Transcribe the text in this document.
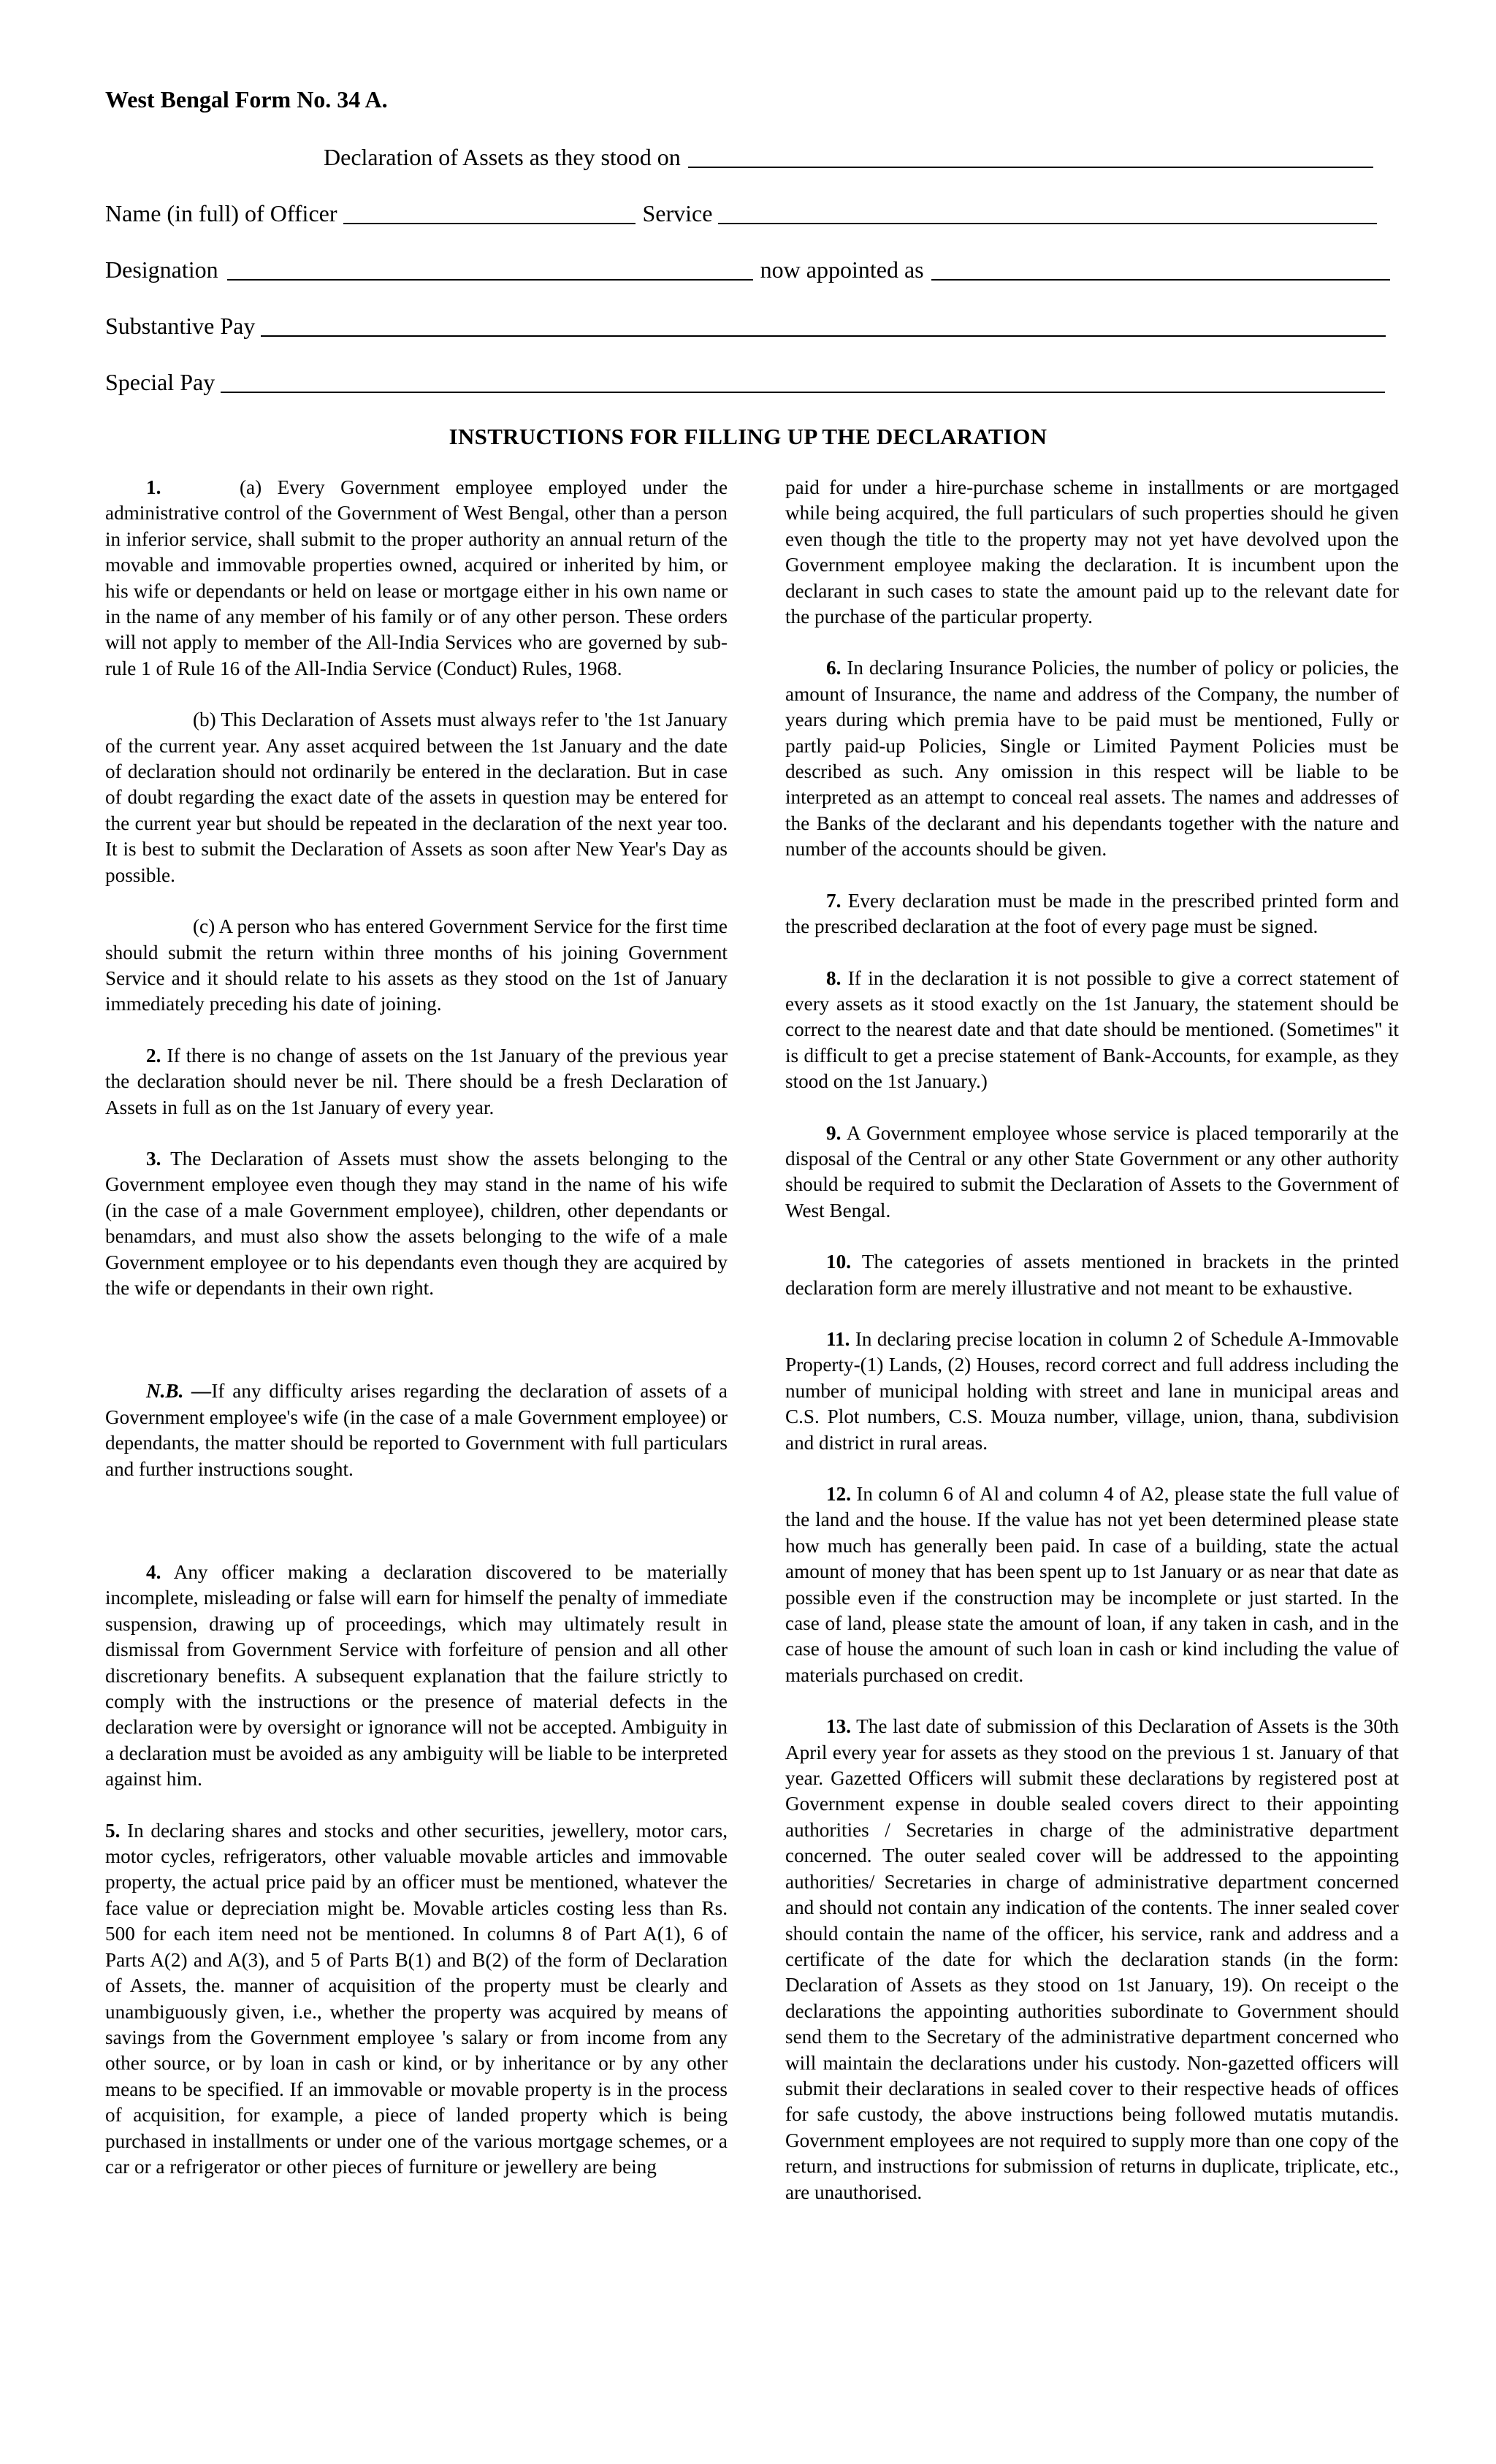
West Bengal Form No. 34 A.
Declaration of Assets as they stood on
Name (in full) of Officer	Service
Designation	now appointed as
Substantive Pay
Special Pay
INSTRUCTIONS FOR FILLING UP THE DECLARATION

1.	(a) Every Government employee employed under the administrative control of the Government of West Bengal, other than a person in inferior service, shall submit to the proper authority an annual return of the movable and immovable properties owned, acquired or inherited by him, or his wife or dependants or held on lease or mortgage either in his own name or in the name of any member of his family or of any other person. These orders will not apply to member of the All-India Services who are governed by sub-rule 1 of Rule 16 of the All-India Service (Conduct) Rules, 1968.

(b) This Declaration of Assets must always refer to 'the 1st January of the current year. Any asset acquired between the 1st January and the date of declaration should not ordinarily be entered in the declaration. But in case of doubt regarding the exact date of the assets in question may be entered for the current year but should be repeated in the declaration of the next year too. It is best to submit the Declaration of Assets as soon after New Year's Day as possible.

(c) A person who has entered Government Service for the first time should submit the return within three months of his joining Government Service and it should relate to his assets as they stood on the 1st of January immediately preceding his date of joining.

2. If there is no change of assets on the 1st January of the previous year the declaration should never be nil. There should be a fresh Declaration of Assets in full as on the 1st January of every year.

3. The Declaration of Assets must show the assets belonging to the Government employee even though they may stand in the name of his wife (in the case of a male Government employee), children, other dependants or benamdars, and must also show the assets belonging to the wife of a male Government employee or to his dependants even though they are acquired by the wife or dependants in their own right.

N.B. —If any difficulty arises regarding the declaration of assets of a Government employee's wife (in the case of a male Government employee) or dependants, the matter should be reported to Government with full particulars and further instructions sought.

4. Any officer making a declaration discovered to be materially incomplete, misleading or false will earn for himself the penalty of immediate suspension, drawing up of proceedings, which may ultimately result in dismissal from Government Service with forfeiture of pension and all other discretionary benefits. A subsequent explanation that the failure strictly to comply with the instructions or the presence of material defects in the declaration were by oversight or ignorance will not be accepted. Ambiguity in a declaration must be avoided as any ambiguity will be liable to be interpreted against him.

5. In declaring shares and stocks and other securities, jewellery, motor cars, motor cycles, refrigerators, other valuable movable articles and immovable property, the actual price paid by an officer must be mentioned, whatever the face value or depreciation might be. Movable articles costing less than Rs. 500 for each item need not be mentioned. In columns 8 of Part A(1), 6 of Parts A(2) and A(3), and 5 of Parts B(1) and B(2) of the form of Declaration of Assets, the. manner of acquisition of the property must be clearly and unambiguously given, i.e., whether the property was acquired by means of savings from the Government employee 's salary or from income from any other source, or by loan in cash or kind, or by inheritance or by any other means to be specified. If an immovable or movable property is in the process of acquisition, for example, a piece of landed property which is being purchased in installments or under one of the various mortgage schemes, or a car or a refrigerator or other pieces of furniture or jewellery are being

paid for under a hire-purchase scheme in installments or are mortgaged while being acquired, the full particulars of such properties should he given even though the title to the property may not yet have devolved upon the Government employee making the declaration. It is incumbent upon the declarant in such cases to state the amount paid up to the relevant date for the purchase of the particular property.

6. In declaring Insurance Policies, the number of policy or policies, the amount of Insurance, the name and address of the Company, the number of years during which premia have to be paid must be mentioned, Fully or partly paid-up Policies, Single or Limited Payment Policies must be described as such. Any omission in this respect will be liable to be interpreted as an attempt to conceal real assets. The names and addresses of the Banks of the declarant and his dependants together with the nature and number of the accounts should be given.

7. Every declaration must be made in the prescribed printed form and the prescribed declaration at the foot of every page must be signed.

8. If in the declaration it is not possible to give a correct statement of every assets as it stood exactly on the 1st January, the statement should be correct to the nearest date and that date should be mentioned. (Sometimes" it is difficult to get a precise statement of Bank-Accounts, for example, as they stood on the 1st January.)

9. A Government employee whose service is placed temporarily at the disposal of the Central or any other State Government or any other authority should be required to submit the Declaration of Assets to the Government of West Bengal.

10. The categories of assets mentioned in brackets in the printed declaration form are merely illustrative and not meant to be exhaustive.

11. In declaring precise location in column 2 of Schedule A-Immovable Property-(1) Lands, (2) Houses, record correct and full address including the number of municipal holding with street and lane in municipal areas and C.S. Plot numbers, C.S. Mouza number, village, union, thana, subdivision and district in rural areas.

12. In column 6 of Al and column 4 of A2, please state the full value of the land and the house. If the value has not yet been determined please state how much has generally been paid. In case of a building, state the actual amount of money that has been spent up to 1st January or as near that date as possible even if the construction may be incomplete or just started. In the case of land, please state the amount of loan, if any taken in cash, and in the case of house the amount of such loan in cash or kind including the value of materials purchased on credit.

13. The last date of submission of this Declaration of Assets is the 30th April every year for assets as they stood on the previous 1 st. January of that year. Gazetted Officers will submit these declarations by registered post at Government expense in double sealed covers direct to their appointing authorities / Secretaries in charge of the administrative department concerned. The outer sealed cover will be addressed to the appointing authorities/ Secretaries in charge of administrative department concerned and should not contain any indication of the contents. The inner sealed cover should contain the name of the officer, his service, rank and address and a certificate of the date for which the declaration stands (in the form: Declaration of Assets as they stood on 1st January, 19). On receipt o the declarations the appointing authorities subordinate to Government should send them to the Secretary of the administrative department concerned who will maintain the declarations under his custody. Non-gazetted officers will submit their declarations in sealed cover to their respective heads of offices for safe custody, the above instructions being followed mutatis mutandis. Government employees are not required to supply more than one copy of the return, and instructions for submission of returns in duplicate, triplicate, etc., are unauthorised.
